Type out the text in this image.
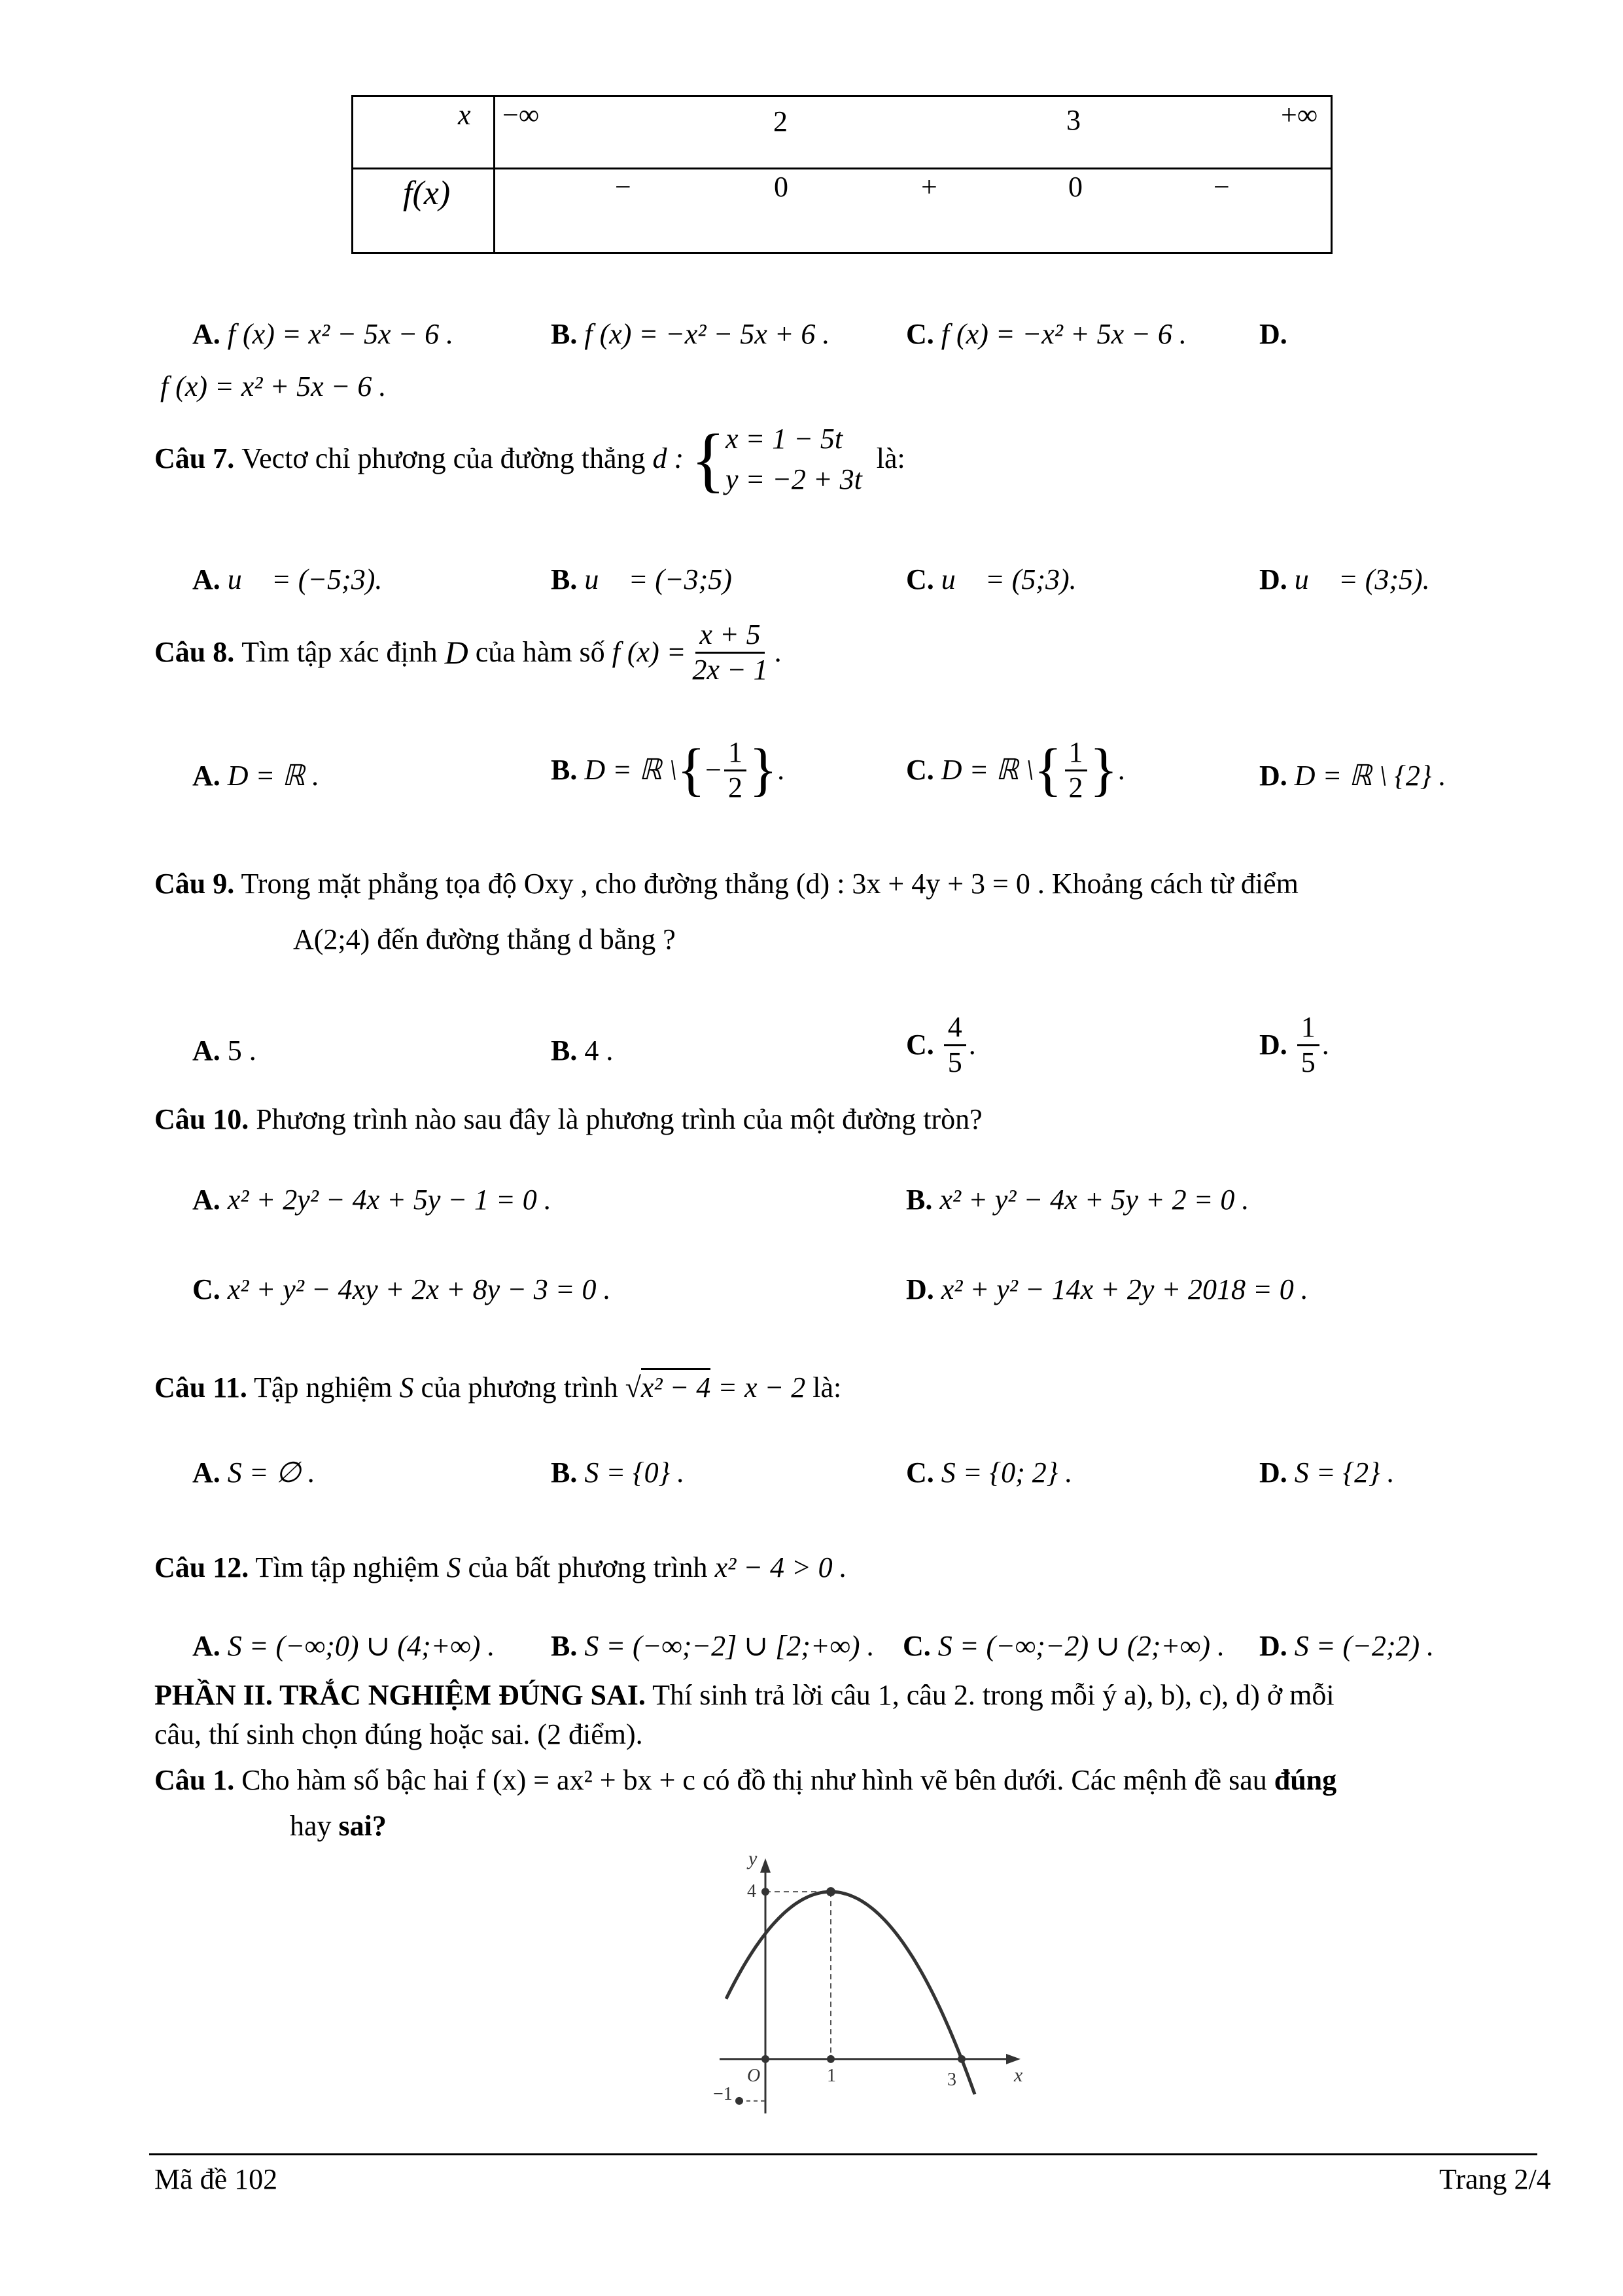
x −∞	2	3	+∞
f(x)	−	0	+	0	−
A. f (x) = x² − 5x − 6 .	B. f (x) = −x² − 5x + 6 .	C. f (x) = −x² + 5x − 6 .	D.
f (x) = x² + 5x − 6 .
Câu 7.
Vectơ chỉ phương của đường thẳng
d :
{ x = 1 − 5t
y = −2 + 3t

là:
A. u⃗ = (−5;3).	B. u⃗ = (−3;5)	C. u⃗ = (5;3).	D. u⃗ = (3;5).
Câu 8.
Tìm tập xác định
D
của hàm số
f $(x) = \frac{x + 5}{2x - 1}$ .
A. D = ℝ .	B.
D = ℝ \ { − $\frac{1}{2}$ } .	C.
D = ℝ \ { $\frac{1}{2}$ } .	D. D = ℝ \ {2} .
Câu 9. Trong mặt phẳng tọa độ Oxy , cho đường thẳng (d) : 3x + 4y + 3 = 0 . Khoảng cách từ điểm
A(2;4) đến đường thẳng d bằng ?
A. 5 .	B. 4 .	C.
$\frac{4}{5}$ .	D.
$\frac{1}{5}$ .
Câu 10. Phương trình nào sau đây là phương trình của một đường tròn?
A. x² + 2y² − 4x + 5y − 1 = 0 .	B. x² + y² − 4x + 5y + 2 = 0 .
C. x² + y² − 4xy + 2x + 8y − 3 = 0 .	D. x² + y² − 14x + 2y + 2018 = 0 .
Câu 11. Tập nghiệm S của phương trình √x² − 4 = x − 2 là:
A. S = ∅ .	B. S = {0} .	C. S = {0; 2} .	D. S = {2} .
Câu 12. Tìm tập nghiệm S của bất phương trình x² − 4 > 0 .
A. S = (−∞;0) ∪ (4;+∞) . B. S = (−∞;−2] ∪ [2;+∞) . C. S = (−∞;−2) ∪ (2;+∞) . D. S = (−2;2) .
PHẦN II. TRẮC NGHIỆM ĐÚNG SAI. Thí sinh trả lời câu 1, câu 2. trong mỗi ý a), b), c), d) ở mỗi
câu, thí sinh chọn đúng hoặc sai. (2 điểm).
Câu 1. Cho hàm số bậc hai f (x) = ax² + bx + c có đồ thị như hình vẽ bên dưới. Các mệnh đề sau đúng
hay sai?
y
x
4
−1
O	1	3
Mã đề 102	Trang 2/4
